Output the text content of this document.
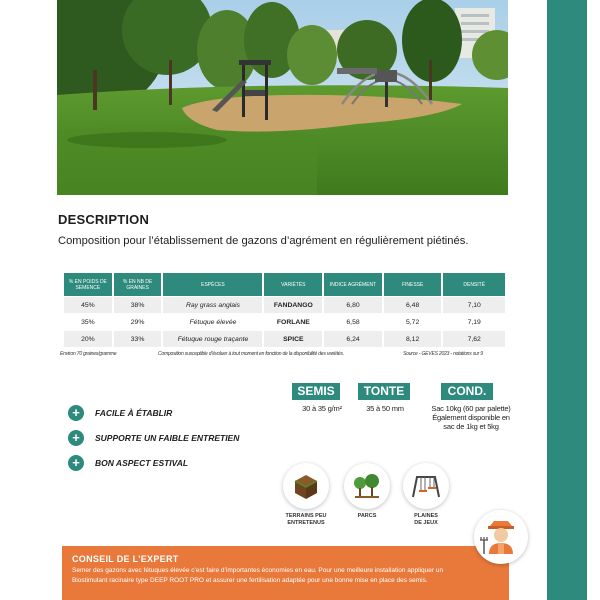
DESCRIPTION
Composition pour l’établissement de gazons d’agrément en régulièrement piétinés.
% EN POIDS DE SEMENCE	% EN NB DE GRAINES	ESPÈCES	VARIÉTÉS	INDICE AGRÉMENT	FINESSE	DENSITÉ
45%	38%	Ray grass anglais	FANDANGO	6,80	6,48	7,10
35%	29%	Fétuque élevée	FORLANE	6,58	5,72	7,19
20%	33%	Fétuque rouge traçante	SPICE	6,24	8,12	7,62
Environ 70 graines/gramme	Composition susceptible d’évoluer à tout moment en fonction de la disponibilité des variétés.	Source - GEVES 2023 - notations sur 9
+	FACILE À ÉTABLIR
+	SUPPORTE UN FAIBLE ENTRETIEN
+	BON ASPECT ESTIVAL
SEMIS
30 à 35 g/m²
TONTE
35 à 50 mm
COND.
Sac 10kg (60 par palette)
Également disponible en
sac de 1kg et 5kg
TERRAINS PEU
ENTRETENUS
PARCS	PLAINES
DE JEUX
CONSEIL DE L’EXPERT
Semer des gazons avec fétuques élevée c’est faire d’importantes économies en eau. Pour une meilleure installation appliquer un Biostimulant racinaire type DEEP ROOT PRO et assurer une fertilisation adaptée pour une bonne mise en place des semis.
